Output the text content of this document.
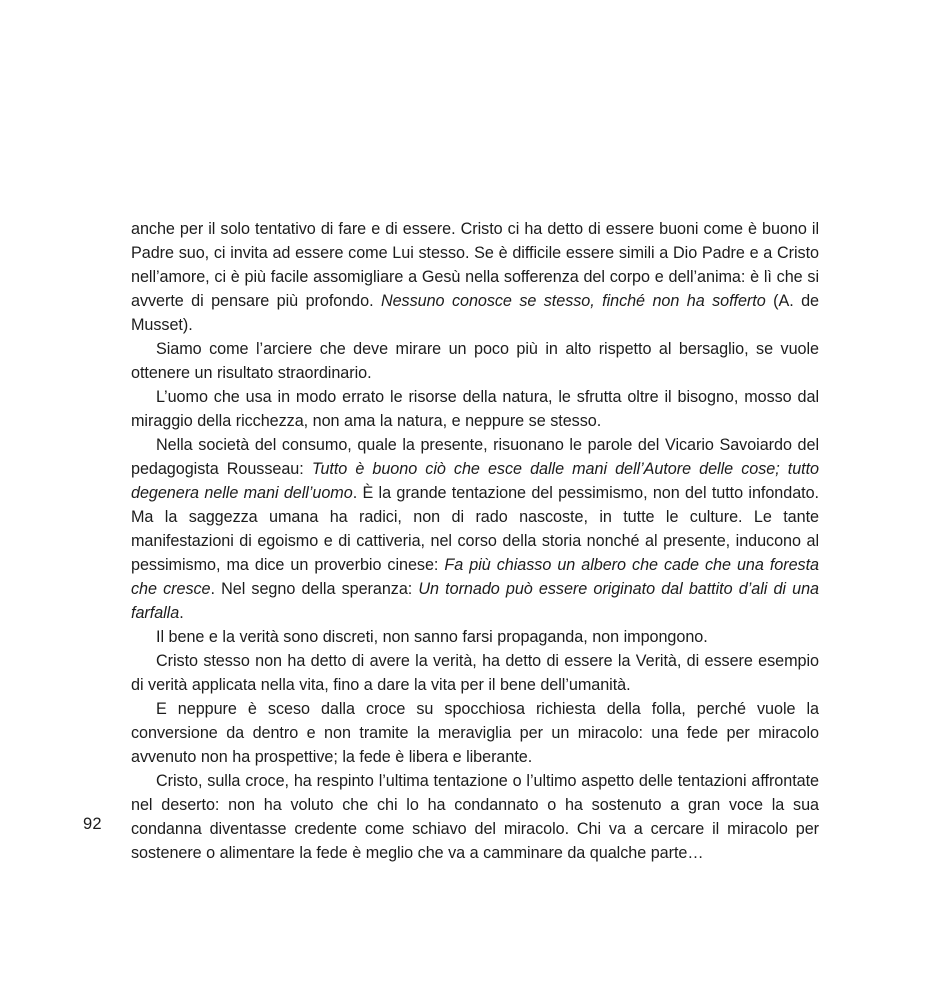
92

anche per il solo tentativo di fare e di essere. Cristo ci ha detto di essere buoni come è buono il Padre suo, ci invita ad essere come Lui stesso. Se è difficile essere simili a Dio Padre e a Cristo nell’amore, ci è più facile assomigliare a Gesù nella sofferenza del corpo e dell’anima: è lì che si avverte di pensare più profondo. Nessuno conosce se stesso, finché non ha sofferto (A. de Musset).

Siamo come l’arciere che deve mirare un poco più in alto rispetto al bersaglio, se vuole ottenere un risultato straordinario.

L’uomo che usa in modo errato le risorse della natura, le sfrutta oltre il bisogno, mosso dal miraggio della ricchezza, non ama la natura, e neppure se stesso.

Nella società del consumo, quale la presente, risuonano le parole del Vicario Savoiardo del pedagogista Rousseau: Tutto è buono ciò che esce dalle mani dell’Autore delle cose; tutto degenera nelle mani dell’uomo. È la grande tentazione del pessimismo, non del tutto infondato. Ma la saggezza umana ha radici, non di rado nascoste, in tutte le culture. Le tante manifestazioni di egoismo e di cattiveria, nel corso della storia nonché al presente, inducono al pessimismo, ma dice un proverbio cinese: Fa più chiasso un albero che cade che una foresta che cresce. Nel segno della speranza: Un tornado può essere originato dal battito d’ali di una farfalla.

Il bene e la verità sono discreti, non sanno farsi propaganda, non impongono.

Cristo stesso non ha detto di avere la verità, ha detto di essere la Verità, di essere esempio di verità applicata nella vita, fino a dare la vita per il bene dell’umanità.

E neppure è sceso dalla croce su spocchiosa richiesta della folla, perché vuole la conversione da dentro e non tramite la meraviglia per un miracolo: una fede per miracolo avvenuto non ha prospettive; la fede è libera e liberante.

Cristo, sulla croce, ha respinto l’ultima tentazione o l’ultimo aspetto delle tentazioni affrontate nel deserto: non ha voluto che chi lo ha condannato o ha sostenuto a gran voce la sua condanna diventasse credente come schiavo del miracolo. Chi va a cercare il miracolo per sostenere o alimentare la fede è meglio che va a camminare da qualche parte…
